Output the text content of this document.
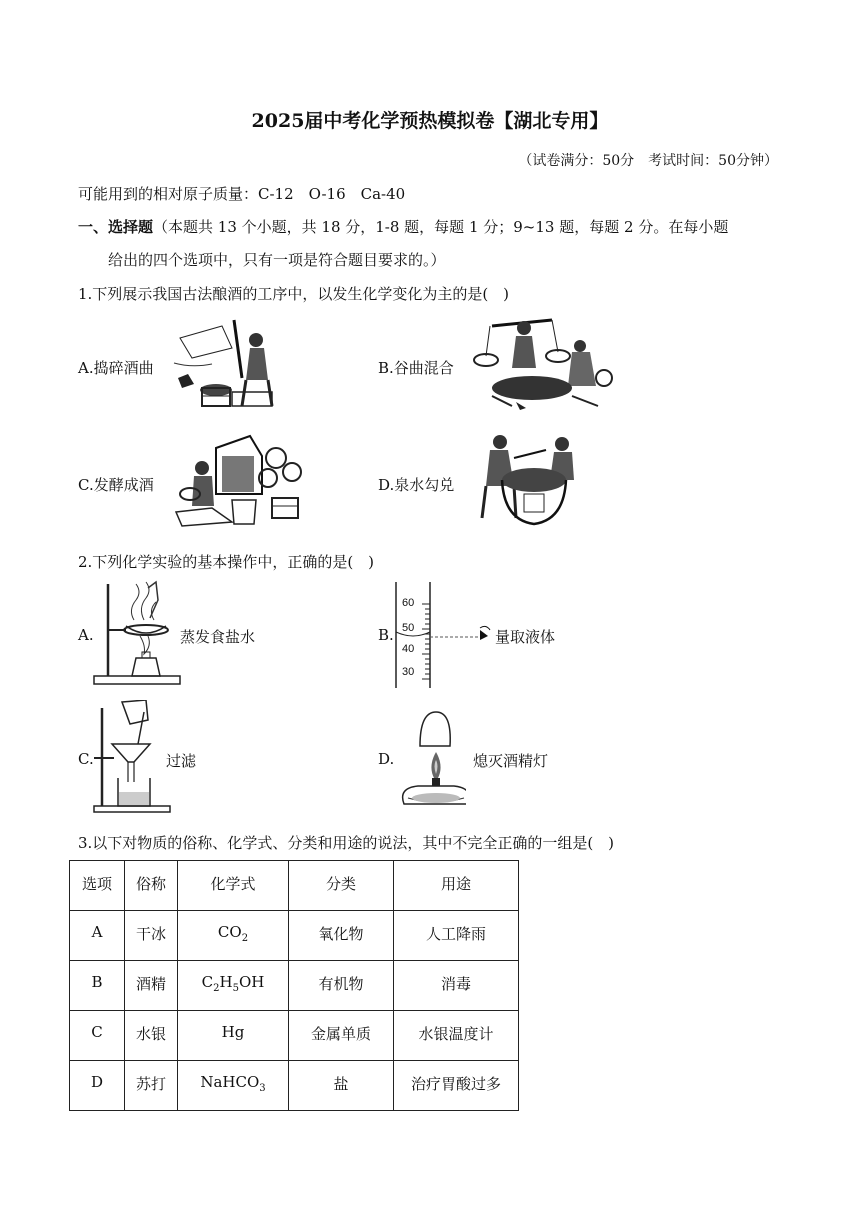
2025届中考化学预热模拟卷【湖北专用】
（试卷满分：50分　考试时间：50分钟）
可能用到的相对原子质量：C-12　O-16　Ca-40
一、选择题（本题共 13 个小题，共 18 分，1-8 题，每题 1 分；9~13 题，每题 2 分。在每小题
给出的四个选项中，只有一项是符合题目要求的。）
1.下列展示我国古法酿酒的工序中，以发生化学变化为主的是(　)
A.捣碎酒曲	B.谷曲混合
C.发酵成酒	D.泉水勾兑
2.下列化学实验的基本操作中，正确的是(　)
A.	蒸发食盐水	B.
60
50
40
30
量取液体
C.	过滤	D.	熄灭酒精灯
3.以下对物质的俗称、化学式、分类和用途的说法，其中不完全正确的一组是(　)
选项	俗称	化学式	分类	用途
A	干冰	$CO_2$	氧化物	人工降雨
B	酒精	$C_2H_5OH$	有机物	消毒
C	水银	Hg	金属单质	水银温度计
D	苏打	NaHCO$_3$	盐	治疗胃酸过多
